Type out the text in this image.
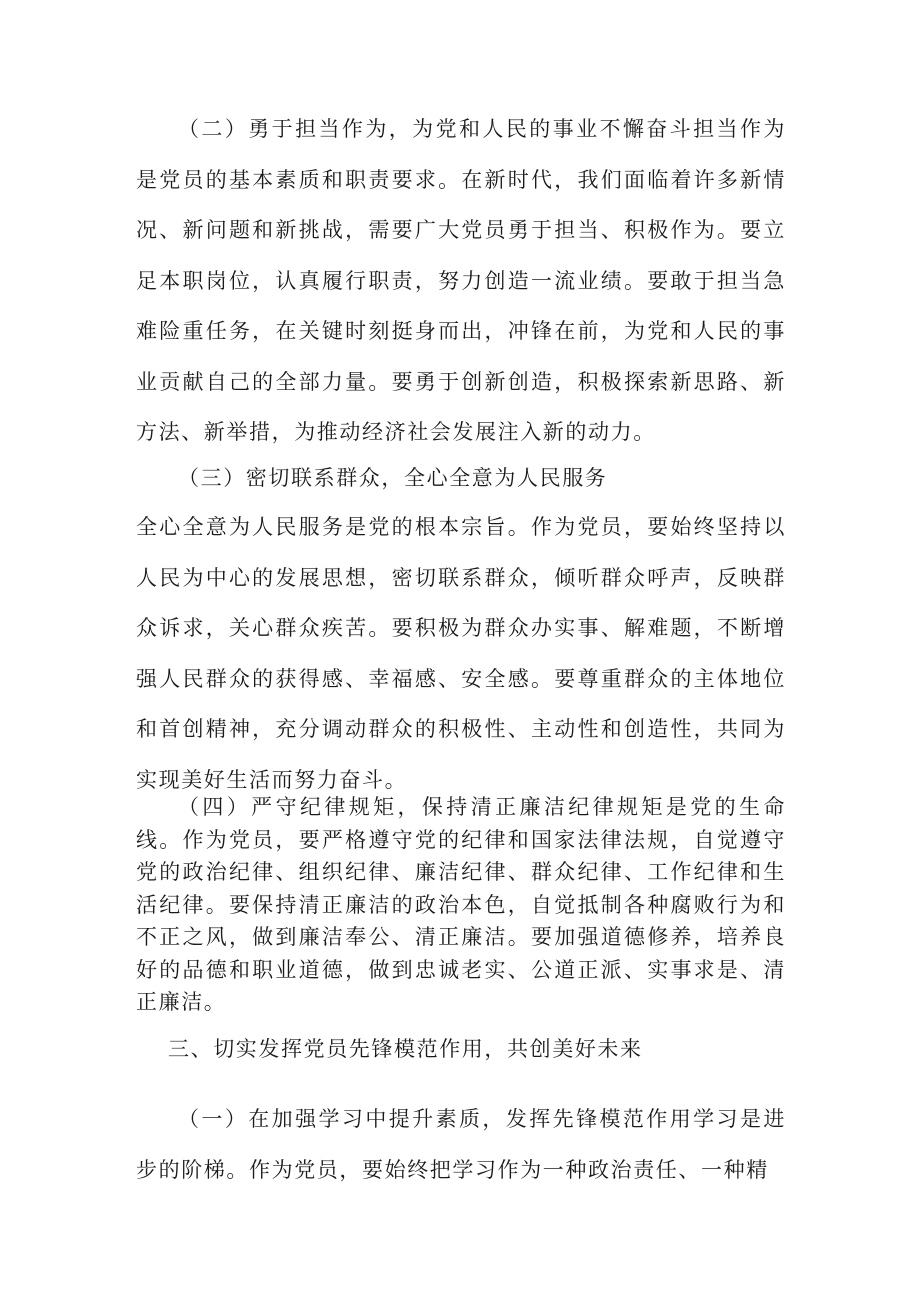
（二）勇于担当作为，为党和人民的事业不懈奋斗担当作为是党员的基本素质和职责要求。在新时代，我们面临着许多新情况、新问题和新挑战，需要广大党员勇于担当、积极作为。要立足本职岗位，认真履行职责，努力创造一流业绩。要敢于担当急难险重任务，在关键时刻挺身而出，冲锋在前，为党和人民的事业贡献自己的全部力量。要勇于创新创造，积极探索新思路、新方法、新举措，为推动经济社会发展注入新的动力。

（三）密切联系群众，全心全意为人民服务

全心全意为人民服务是党的根本宗旨。作为党员，要始终坚持以人民为中心的发展思想，密切联系群众，倾听群众呼声，反映群众诉求，关心群众疾苦。要积极为群众办实事、解难题，不断增强人民群众的获得感、幸福感、安全感。要尊重群众的主体地位和首创精神，充分调动群众的积极性、主动性和创造性，共同为实现美好生活而努力奋斗。

（四）严守纪律规矩，保持清正廉洁纪律规矩是党的生命线。作为党员，要严格遵守党的纪律和国家法律法规，自觉遵守党的政治纪律、组织纪律、廉洁纪律、群众纪律、工作纪律和生活纪律。要保持清正廉洁的政治本色，自觉抵制各种腐败行为和不正之风，做到廉洁奉公、清正廉洁。要加强道德修养，培养良好的品德和职业道德，做到忠诚老实、公道正派、实事求是、清正廉洁。

三、切实发挥党员先锋模范作用，共创美好未来

（一）在加强学习中提升素质，发挥先锋模范作用学习是进步的阶梯。作为党员，要始终把学习作为一种政治责任、一种精
